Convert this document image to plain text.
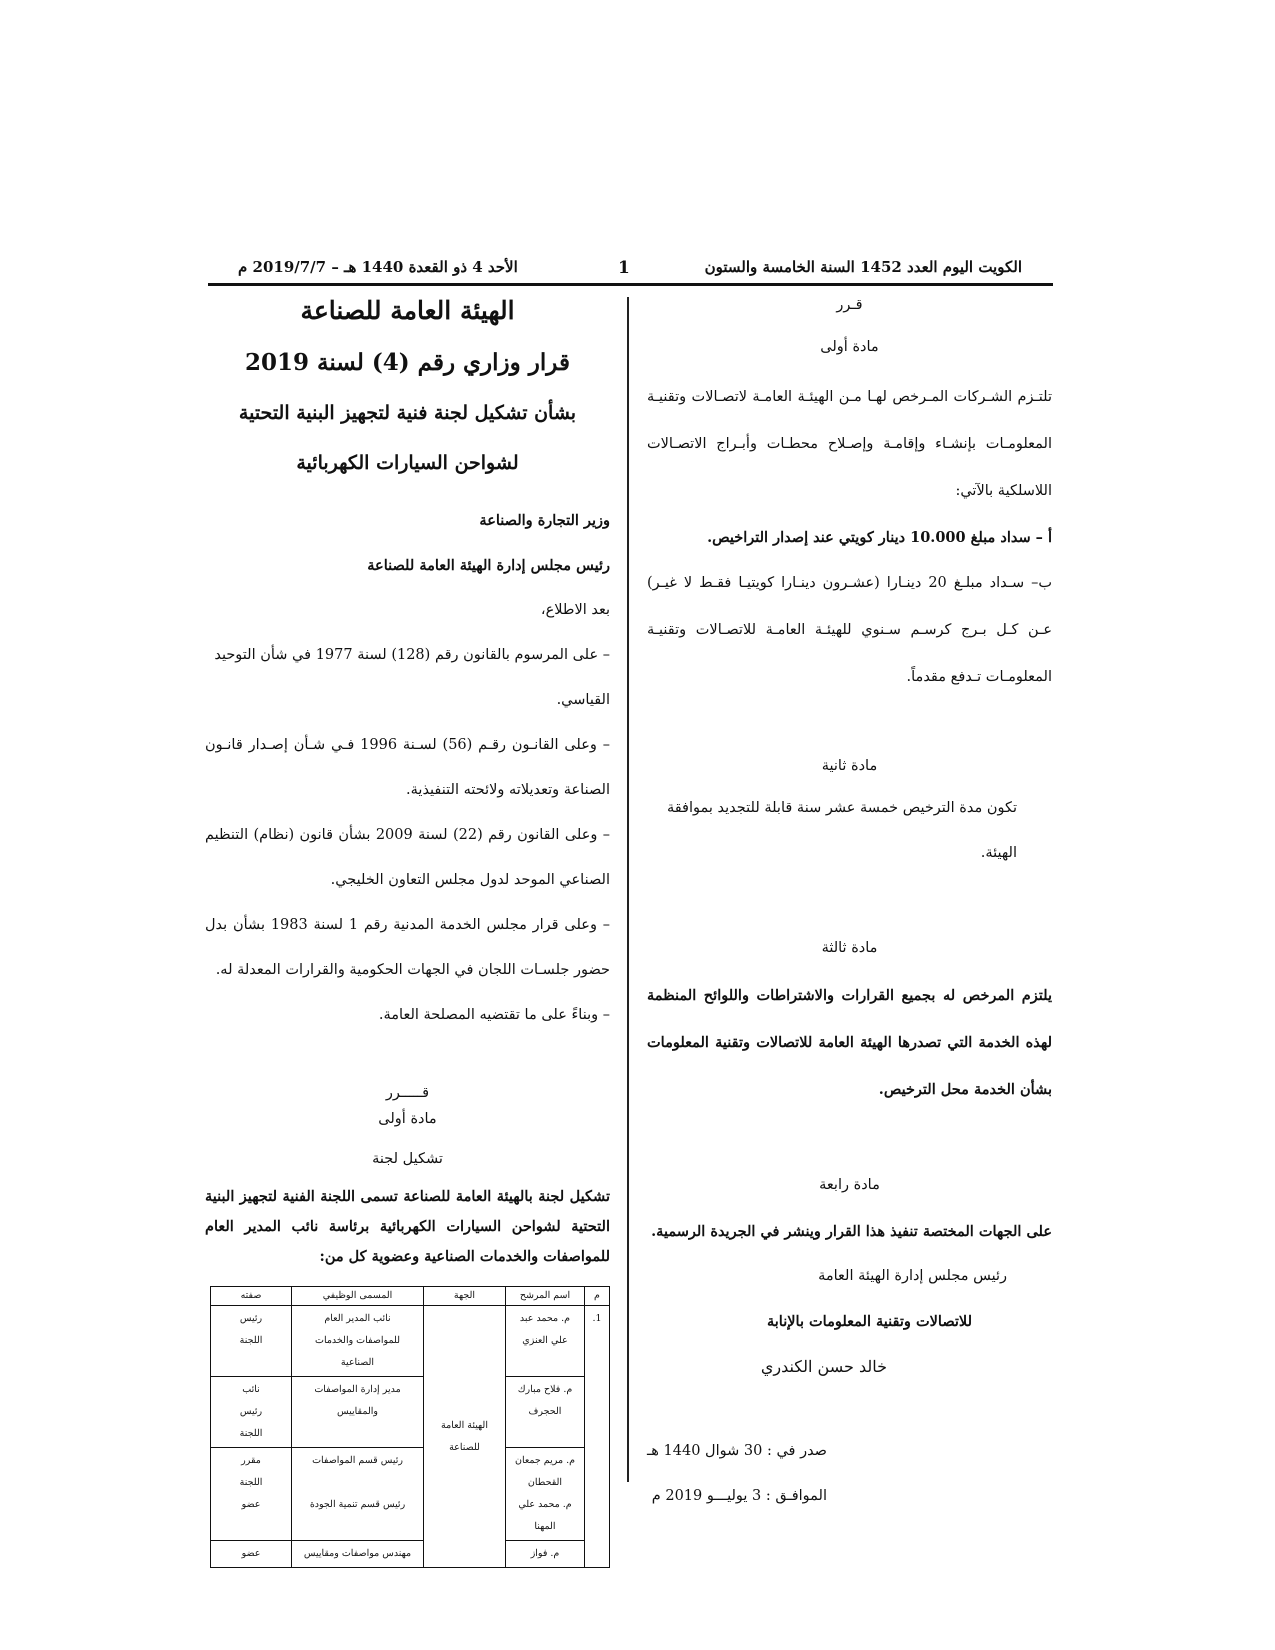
الكويت اليوم العدد 1452 السنة الخامسة والستون
1
الأحد 4 ذو القعدة 1440 هـ – 2019/7/7 م

قـرر

مادة أولى

تلتـزم الشـركات المـرخص لهـا مـن الهيئـة العامـة لاتصـالات وتقنيـة المعلومـات بإنشـاء وإقامـة وإصـلاح محطـات وأبـراج الاتصـالات اللاسلكية بالآتي:

أ – سداد مبلغ 10.000 دينار كويتي عند إصدار التراخيص.

ب– سـداد مبلـغ 20 دينـارا (عشـرون دينـارا كويتيـا فقـط لا غيـر) عـن كـل بـرج كرسـم سـنوي للهيئـة العامـة للاتصـالات وتقنيـة المعلومـات تـدفع مقدماً.

مادة ثانية

تكون مدة الترخيص خمسة عشر سنة قابلة للتجديد بموافقة الهيئة.

مادة ثالثة

يلتزم المرخص له بجميع القرارات والاشتراطات واللوائح المنظمة لهذه الخدمة التي تصدرها الهيئة العامة للاتصالات وتقنية المعلومات بشأن الخدمة محل الترخيص.

مادة رابعة

على الجهات المختصة تنفيذ هذا القرار وينشر في الجريدة الرسمية.

رئيس مجلس إدارة الهيئة العامة

للاتصالات وتقنية المعلومات بالإنابة

خالد حسن الكندري

صدر في : 30 شوال 1440 هـ

الموافـق : 3 يوليـــو 2019 م

الهيئة العامة للصناعة

قرار وزاري رقم (4) لسنة 2019

بشأن تشكيل لجنة فنية لتجهيز البنية التحتية

لشواحن السيارات الكهربائية

وزير التجارة والصناعة

رئيس مجلس إدارة الهيئة العامة للصناعة

بعد الاطلاع،

– على المرسوم بالقانون رقم (128) لسنة 1977 في شأن التوحيد القياسي.

– وعلى القانـون رقـم (56) لسـنة 1996 فـي شـأن إصـدار قانـون الصناعة وتعديلاته ولائحته التنفيذية.

– وعلى القانون رقم (22) لسنة 2009 بشأن قانون (نظام) التنظيم الصناعي الموحد لدول مجلس التعاون الخليجي.

– وعلى قرار مجلس الخدمة المدنية رقم 1 لسنة 1983 بشأن بدل حضور جلسـات اللجان في الجهات الحكومية والقرارات المعدلة له.

– وبناءً على ما تقتضيه المصلحة العامة.

قـــــرر

مادة أولى

تشكيل لجنة

تشكيل لجنة بالهيئة العامة للصناعة تسمى اللجنة الفنية لتجهيز البنية التحتية لشواحن السيارات الكهربائية برئاسة نائب المدير العام للمواصفات والخدمات الصناعية وعضوية كل من:

م	اسم المرشح	الجهة	المسمى الوظيفي	صفته
1.	م. محمد عبد
علي العنزي	الهيئة العامة للصناعة	نائب المدير العام
للمواصفات والخدمات
الصناعية	رئيس
اللجنة

	م. فلاح مبارك
الحجرف		مدير إدارة المواصفات
والمقاييس	نائب
رئيس
اللجنة

	م. مريم جمعان
القحطان
م. محمد علي
المهنا		رئيس قسم المواصفات
رئيس قسم تنمية الجودة	مقرر
اللجنة
عضو

	م. فواز		مهندس مواصفات ومقاييس	عضو
